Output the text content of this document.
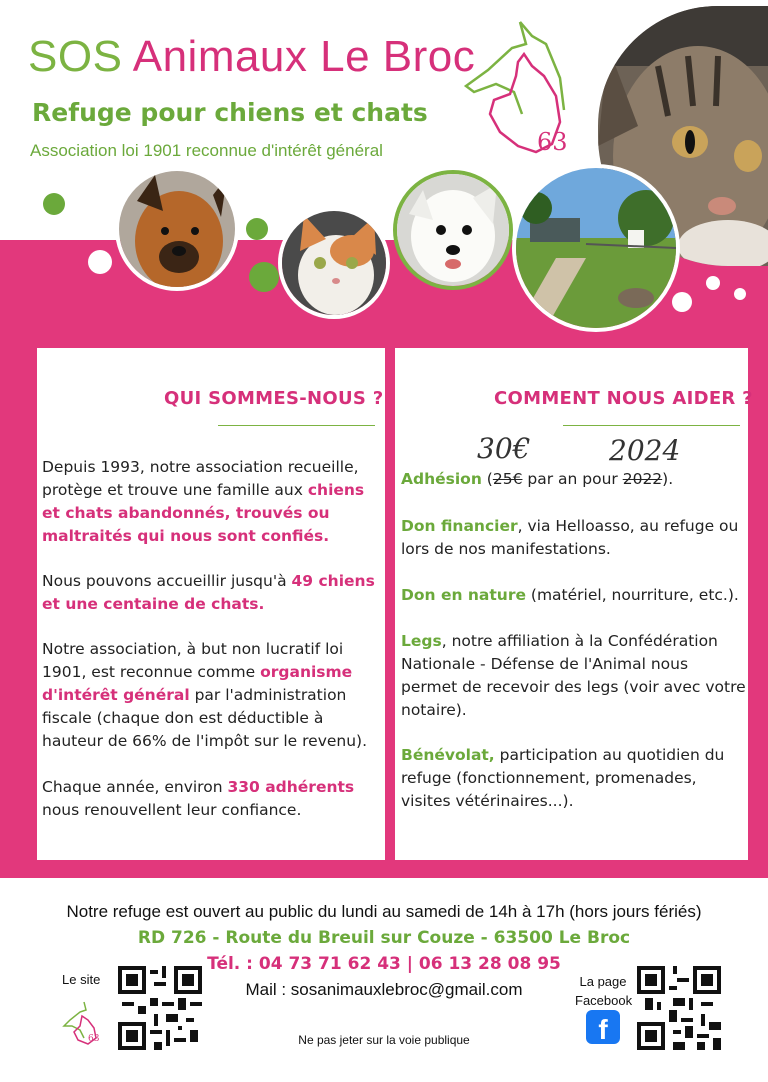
SOS Animaux Le Broc
Refuge pour chiens et chats
Association loi 1901 reconnue d'intérêt général	63
QUI SOMMES-NOUS ?
Depuis 1993, notre association recueille, protège et trouve une famille aux chiens et chats abandonnés, trouvés ou maltraités qui nous sont confiés.
Nous pouvons accueillir jusqu'à 49 chiens et une centaine de chats.
Notre association, à but non lucratif loi 1901, est reconnue comme organisme d'intérêt général par l'administration fiscale (chaque don est déductible à hauteur de 66% de l'impôt sur le revenu).
Chaque année, environ 330 adhérents nous renouvellent leur confiance.
COMMENT NOUS AIDER ?
30€	2024
Adhésion (25€ par an pour 2022).
Don financier, via Helloasso, au refuge ou lors de nos manifestations.
Don en nature (matériel, nourriture, etc.).
Legs, notre affiliation à la Confédération Nationale - Défense de l'Animal nous permet de recevoir des legs (voir avec votre notaire).
Bénévolat, participation au quotidien du refuge (fonctionnement, promenades, visites vétérinaires...).
Notre refuge est ouvert au public du lundi au samedi de 14h à 17h (hors jours fériés)
RD 726 - Route du Breuil sur Couze - 63500 Le Broc
Tél. : 04 73 71 62 43 | 06 13 28 08 95
Mail : sosanimauxlebroc@gmail.com
Le site
63
La page
Facebook
f
Ne pas jeter sur la voie publique
